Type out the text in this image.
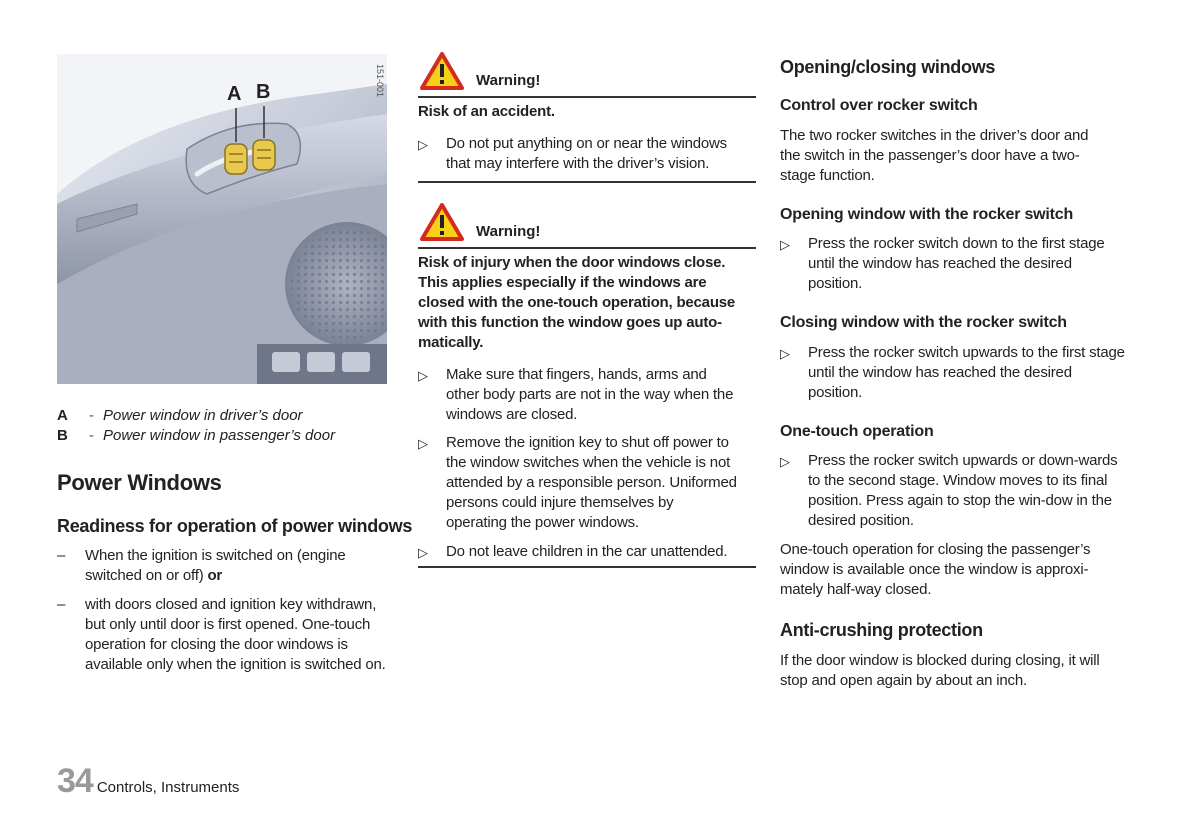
A B	151-001
A	- Power window in driver’s door
B	- Power window in passenger’s door
Power Windows
Readiness for operation of power windows
–	When the ignition is switched on (engine switched on or off) or
–	with doors closed and ignition key withdrawn, but only until door is first opened. One-touch operation for closing the door windows is available only when the ignition is switched on.
Warning!
Risk of an accident.
▷ Do not put anything on or near the windows that may interfere with the driver’s vision.
Warning!
Risk of injury when the door windows close. This applies especially if the windows are closed with the one-touch operation, because with this function the window goes up auto-matically.
▷ Make sure that fingers, hands, arms and other body parts are not in the way when the windows are closed.
▷ Remove the ignition key to shut off power to the window switches when the vehicle is not attended by a responsible person. Uniformed persons could injure themselves by operating the power windows.
▷ Do not leave children in the car unattended.
Opening/closing windows
Control over rocker switch
The two rocker switches in the driver’s door and the switch in the passenger’s door have a two-stage function.
Opening window with the rocker switch
▷ Press the rocker switch down to the first stage until the window has reached the desired position.
Closing window with the rocker switch
▷ Press the rocker switch upwards to the first stage until the window has reached the desired position.
One-touch operation
▷ Press the rocker switch upwards or down-wards to the second stage. Window moves to its final position. Press again to stop the win-dow in the desired position.
One-touch operation for closing the passenger’s window is available once the window is approxi-mately half-way closed.
Anti-crushing protection
If the door window is blocked during closing, it will stop and open again by about an inch.
34 Controls, Instruments
